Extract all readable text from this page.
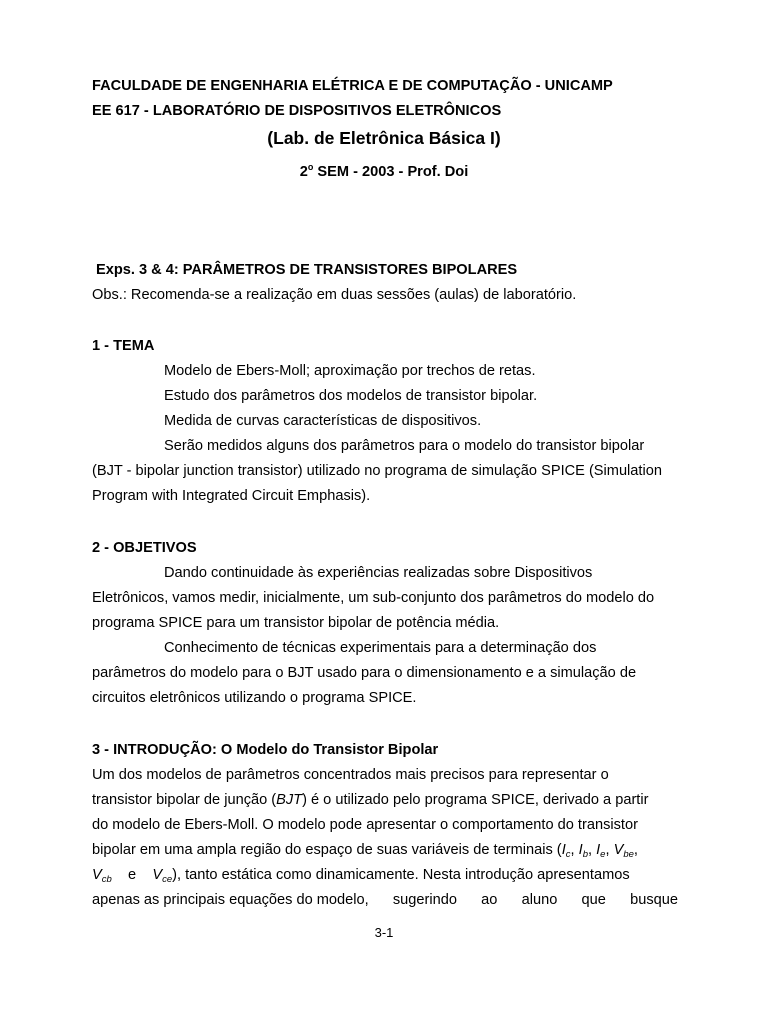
FACULDADE DE ENGENHARIA ELÉTRICA E DE COMPUTAÇÃO - UNICAMP
EE 617 - LABORATÓRIO DE DISPOSITIVOS ELETRÔNICOS
(Lab. de Eletrônica Básica I)
2$^o$ SEM - 2003 - Prof. Doi
Exps. 3 & 4: PARÂMETROS DE TRANSISTORES BIPOLARES
Obs.: Recomenda-se a realização em duas sessões (aulas) de laboratório.
1 - TEMA
Modelo de Ebers-Moll; aproximação por trechos de retas.
Estudo dos parâmetros dos modelos de transistor bipolar.
Medida de curvas características de dispositivos.
Serão medidos alguns dos parâmetros para o modelo do transistor bipolar
(BJT - bipolar junction transistor) utilizado no programa de simulação SPICE (Simulation
Program with Integrated Circuit Emphasis).
2 - OBJETIVOS
Dando continuidade às experiências realizadas sobre Dispositivos
Eletrônicos, vamos medir, inicialmente, um sub-conjunto dos parâmetros do modelo do
programa SPICE para um transistor bipolar de potência média.
Conhecimento de técnicas experimentais para a determinação dos
parâmetros do modelo para o BJT usado para o dimensionamento e a simulação de
circuitos eletrônicos utilizando o programa SPICE.
3 - INTRODUÇÃO: O Modelo do Transistor Bipolar
Um dos modelos de parâmetros concentrados mais precisos para representar o
transistor bipolar de junção (BJT) é o utilizado pelo programa SPICE, derivado a partir
do modelo de Ebers-Moll. O modelo pode apresentar o comportamento do transistor
bipolar em uma ampla região do espaço de suas variáveis de terminais ($I_c$, $I_b$, $I_e$, $V_{be}$,
$V_{cb}$ e $V_{ce}$), tanto estática como dinamicamente. Nesta introdução apresentamos
apenas as principais equações do modelo, sugerindo ao aluno que busque
3-1
